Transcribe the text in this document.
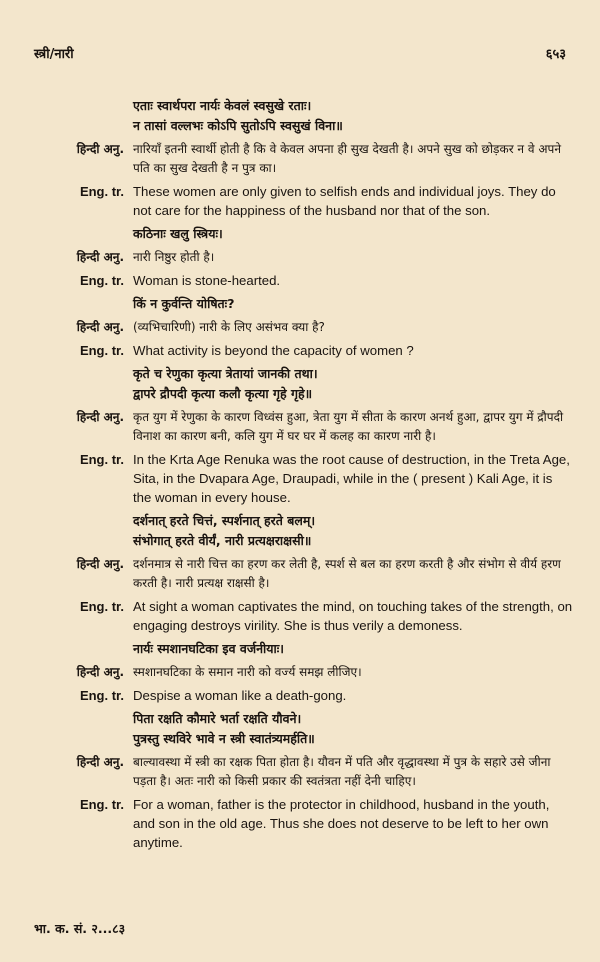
स्त्री/नारी	६५३
एताः स्वार्थपरा नार्यः केवलं स्वसुखे रताः।
न तासां वल्लभः कोऽपि सुतोऽपि स्वसुखं विना॥
हिन्दी अनु. नारियाँ इतनी स्वार्थी होती है कि वे केवल अपना ही सुख देखती है। अपने सुख को छोड़कर न वे अपने पति का सुख देखती है न पुत्र का।
Eng. tr. These women are only given to selfish ends and individual joys. They do not care for the happiness of the husband nor that of the son.
कठिनाः खलु स्त्रियः।
हिन्दी अनु. नारी निष्ठुर होती है।
Eng. tr. Woman is stone-hearted.
किं न कुर्वन्ति योषितः?
हिन्दी अनु. (व्यभिचारिणी) नारी के लिए असंभव क्या है?
Eng. tr. What activity is beyond the capacity of women ?
कृते च रेणुका कृत्या त्रेतायां जानकी तथा।
द्वापरे द्रौपदी कृत्या कलौ कृत्या गृहे गृहे॥
हिन्दी अनु. कृत युग में रेणुका के कारण विध्वंस हुआ, त्रेता युग में सीता के कारण अनर्थ हुआ, द्वापर युग में द्रौपदी विनाश का कारण बनी, कलि युग में घर घर में कलह का कारण नारी है।
Eng. tr. In the Krta Age Renuka was the root cause of destruction, in the Treta Age, Sita, in the Dvapara Age, Draupadi, while in the ( present ) Kali Age, it is the woman in every house.
दर्शनात् हरते चित्तं, स्पर्शनात् हरते बलम्।
संभोगात् हरते वीर्यं, नारी प्रत्यक्षराक्षसी॥
हिन्दी अनु. दर्शनमात्र से नारी चित्त का हरण कर लेती है, स्पर्श से बल का हरण करती है और संभोग से वीर्य हरण करती है। नारी प्रत्यक्ष राक्षसी है।
Eng. tr. At sight a woman captivates the mind, on touching takes of the strength, on engaging destroys virility. She is thus verily a demoness.
नार्यः स्मशानघटिका इव वर्जनीयाः।
हिन्दी अनु. स्मशानघटिका के समान नारी को वर्ज्य समझ लीजिए।
Eng. tr. Despise a woman like a death-gong.
पिता रक्षति कौमारे भर्ता रक्षति यौवने।
पुत्रस्तु स्थविरे भावे न स्त्री स्वातंत्र्यमर्हति॥
हिन्दी अनु. बाल्यावस्था में स्त्री का रक्षक पिता होता है। यौवन में पति और वृद्धावस्था में पुत्र के सहारे उसे जीना पड़ता है। अतः नारी को किसी प्रकार की स्वतंत्रता नहीं देनी चाहिए।
Eng. tr. For a woman, father is the protector in childhood, husband in the youth, and son in the old age. Thus she does not deserve to be left to her own anytime.
भा. क. सं. २...८३
